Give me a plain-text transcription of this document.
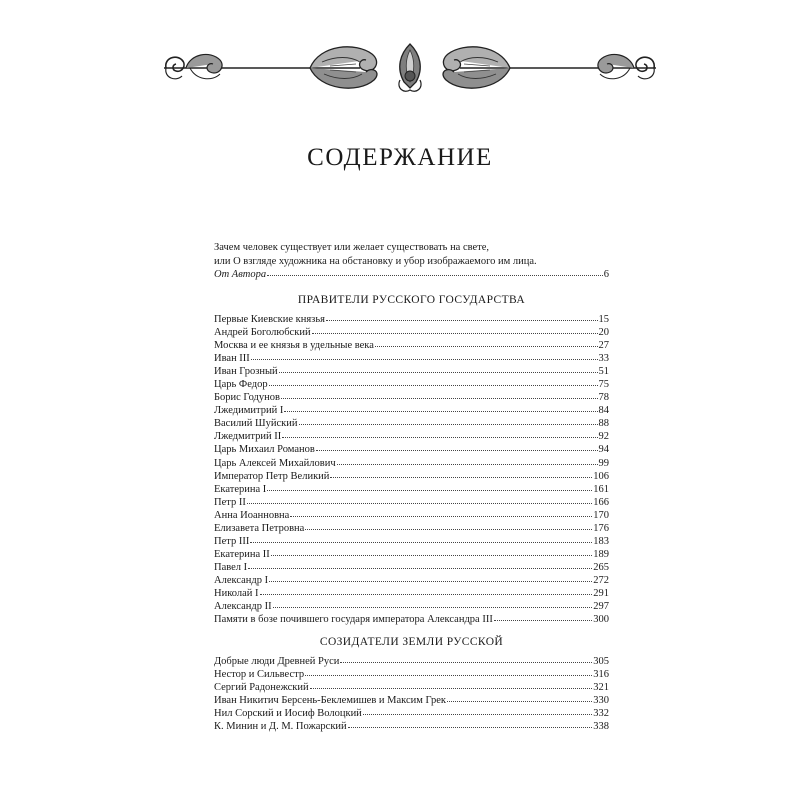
СОДЕРЖАНИЕ
Зачем человек существует или желает существовать на свете,
или О взгляде художника на обстановку и убор изображаемого им лица.
От Автора	6
ПРАВИТЕЛИ РУССКОГО ГОСУДАРСТВА
Первые Киевские князья	15
Андрей Боголюбский	20
Москва и ее князья в удельные века	27
Иван III	33
Иван Грозный	51
Царь Федор	75
Борис Годунов	78
Лжедимитрий I	84
Василий Шуйский	88
Лжедмитрий II	92
Царь Михаил Романов	94
Царь Алексей Михайлович	99
Император Петр Великий	106
Екатерина I	161
Петр II	166
Анна Иоанновна	170
Елизавета Петровна	176
Петр III	183
Екатерина II	189
Павел I	265
Александр I	272
Николай I	291
Александр II	297
Памяти в бозе почившего государя императора Александра III	300
СОЗИДАТЕЛИ ЗЕМЛИ РУССКОЙ
Добрые люди Древней Руси	305
Нестор и Сильвестр	316
Сергий Радонежский	321
Иван Никитич Берсень-Беклемишев и Максим Грек	330
Нил Сорский и Иосиф Волоцкий	332
К. Минин и Д. М. Пожарский	338
